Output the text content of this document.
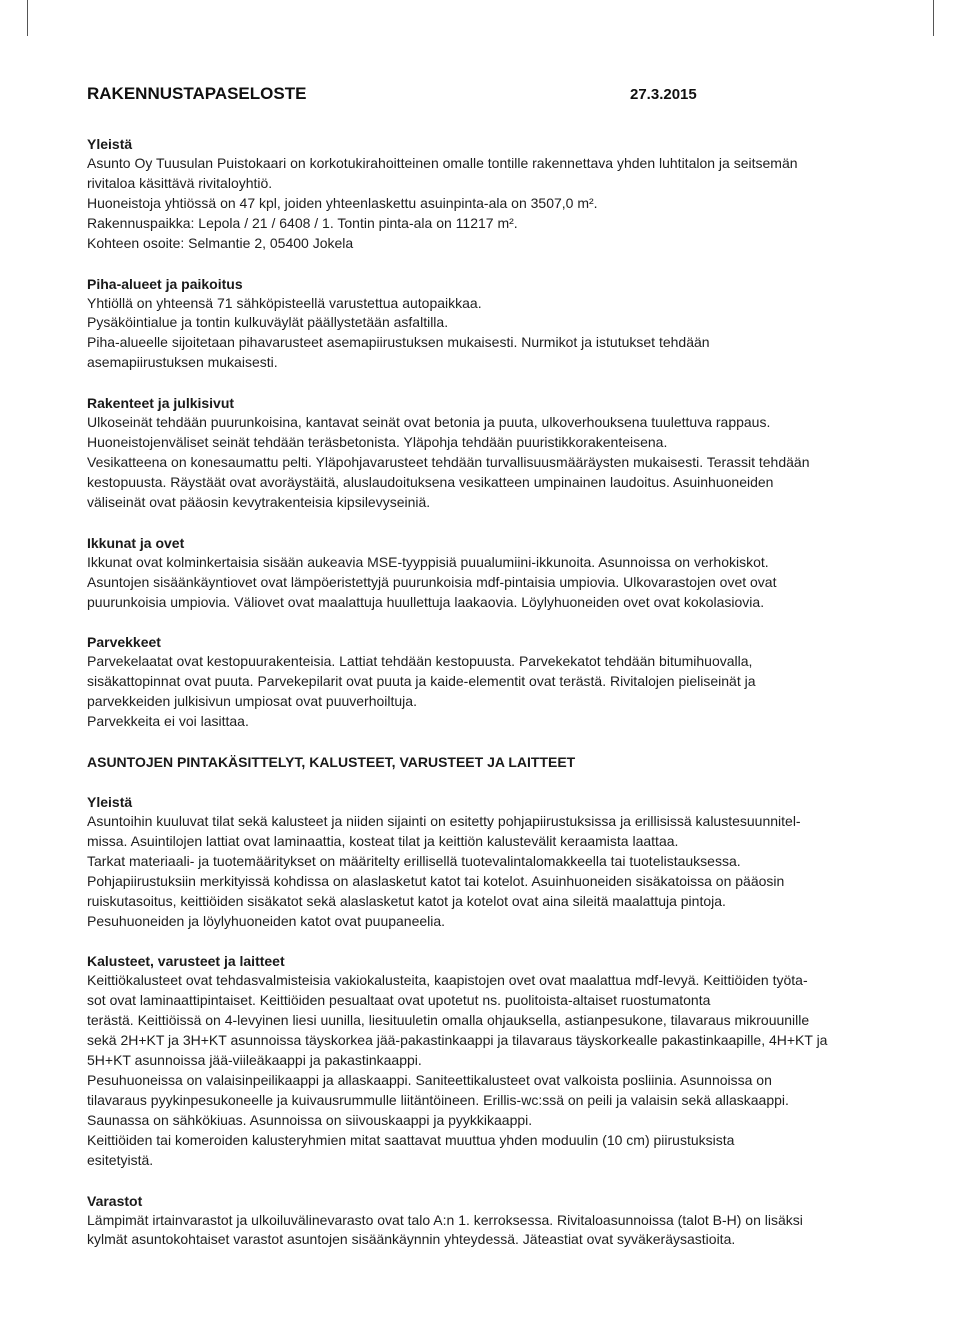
RAKENNUSTAPASELOSTE	27.3.2015
Yleistä
Asunto Oy Tuusulan Puistokaari on korkotukirahoitteinen omalle tontille rakennettava yhden luhtitalon ja seitsemän
rivitaloa käsittävä rivitaloyhtiö.
Huoneistoja yhtiössä on 47 kpl, joiden yhteenlaskettu asuinpinta-ala on 3507,0 m².
Rakennuspaikka: Lepola / 21 / 6408 / 1. Tontin pinta-ala on 11217 m².
Kohteen osoite: Selmantie 2, 05400 Jokela
Piha-alueet ja paikoitus
Yhtiöllä on yhteensä 71 sähköpisteellä varustettua autopaikkaa.
Pysäköintialue ja tontin kulkuväylät päällystetään asfaltilla.
Piha-alueelle sijoitetaan pihavarusteet asemapiirustuksen mukaisesti. Nurmikot ja istutukset tehdään
asemapiirustuksen mukaisesti.
Rakenteet ja julkisivut
Ulkoseinät tehdään puurunkoisina, kantavat seinät ovat betonia ja puuta, ulkoverhouksena tuulettuva rappaus.
Huoneistojenväliset seinät tehdään teräsbetonista. Yläpohja tehdään puuristikkorakenteisena.
Vesikatteena on konesaumattu pelti. Yläpohjavarusteet tehdään turvallisuusmääräysten mukaisesti. Terassit tehdään
kestopuusta. Räystäät ovat avoräystäitä, aluslaudoituksena vesikatteen umpinainen laudoitus. Asuinhuoneiden
väliseinät ovat pääosin kevytrakenteisia kipsilevyseiniä.
Ikkunat ja ovet
Ikkunat ovat kolminkertaisia sisään aukeavia MSE-tyyppisiä puualumiini-ikkunoita. Asunnoissa on verhokiskot.
Asuntojen sisäänkäyntiovet ovat lämpöeristettyjä puurunkoisia mdf-pintaisia umpiovia. Ulkovarastojen ovet ovat
puurunkoisia umpiovia. Väliovet ovat maalattuja huullettuja laakaovia. Löylyhuoneiden ovet ovat kokolasiovia.
Parvekkeet
Parvekelaatat ovat kestopuurakenteisia. Lattiat tehdään kestopuusta. Parvekekatot tehdään bitumihuovalla,
sisäkattopinnat ovat puuta. Parvekepilarit ovat puuta ja kaide-elementit ovat terästä. Rivitalojen pieliseinät ja
parvekkeiden julkisivun umpiosat ovat puuverhoiltuja.
Parvekkeita ei voi lasittaa.
ASUNTOJEN PINTAKÄSITTELYT, KALUSTEET, VARUSTEET JA LAITTEET
Yleistä
Asuntoihin kuuluvat tilat sekä kalusteet ja niiden sijainti on esitetty pohjapiirustuksissa ja erillisissä kalustesuunnitel-
missa. Asuintilojen lattiat ovat laminaattia, kosteat tilat ja keittiön kalustevälit keraamista laattaa.
Tarkat materiaali- ja tuotemääritykset on määritelty erillisellä tuotevalintalomakkeella tai tuotelistauksessa.
Pohjapiirustuksiin merkityissä kohdissa on alaslasketut katot tai kotelot. Asuinhuoneiden sisäkatoissa on pääosin
ruiskutasoitus, keittiöiden sisäkatot sekä alaslasketut katot ja kotelot ovat aina sileitä maalattuja pintoja.
Pesuhuoneiden ja löylyhuoneiden katot ovat puupaneelia.
Kalusteet, varusteet ja laitteet
Keittiökalusteet ovat tehdasvalmisteisia vakiokalusteita, kaapistojen ovet ovat maalattua mdf-levyä. Keittiöiden työta-
sot ovat laminaattipintaiset. Keittiöiden pesualtaat ovat upotetut ns. puolitoista-altaiset ruostumatonta
terästä. Keittiöissä on 4-levyinen liesi uunilla, liesituuletin omalla ohjauksella, astianpesukone, tilavaraus mikrouunille
sekä 2H+KT ja 3H+KT asunnoissa täyskorkea jää-pakastinkaappi ja tilavaraus täyskorkealle pakastinkaapille, 4H+KT ja
5H+KT asunnoissa jää-viileäkaappi ja pakastinkaappi.
Pesuhuoneissa on valaisinpeilikaappi ja allaskaappi. Saniteettikalusteet ovat valkoista posliinia. Asunnoissa on
tilavaraus pyykinpesukoneelle ja kuivausrummulle liitäntöineen. Erillis-wc:ssä on peili ja valaisin sekä allaskaappi.
Saunassa on sähkökiuas. Asunnoissa on siivouskaappi ja pyykkikaappi.
Keittiöiden tai komeroiden kalusteryhmien mitat saattavat muuttua yhden moduulin (10 cm) piirustuksista
esitetyistä.
Varastot
Lämpimät irtainvarastot ja ulkoiluvälinevarasto ovat talo A:n 1. kerroksessa. Rivitaloasunnoissa (talot B-H) on lisäksi
kylmät asuntokohtaiset varastot asuntojen sisäänkäynnin yhteydessä. Jäteastiat ovat syväkeräysastioita.
